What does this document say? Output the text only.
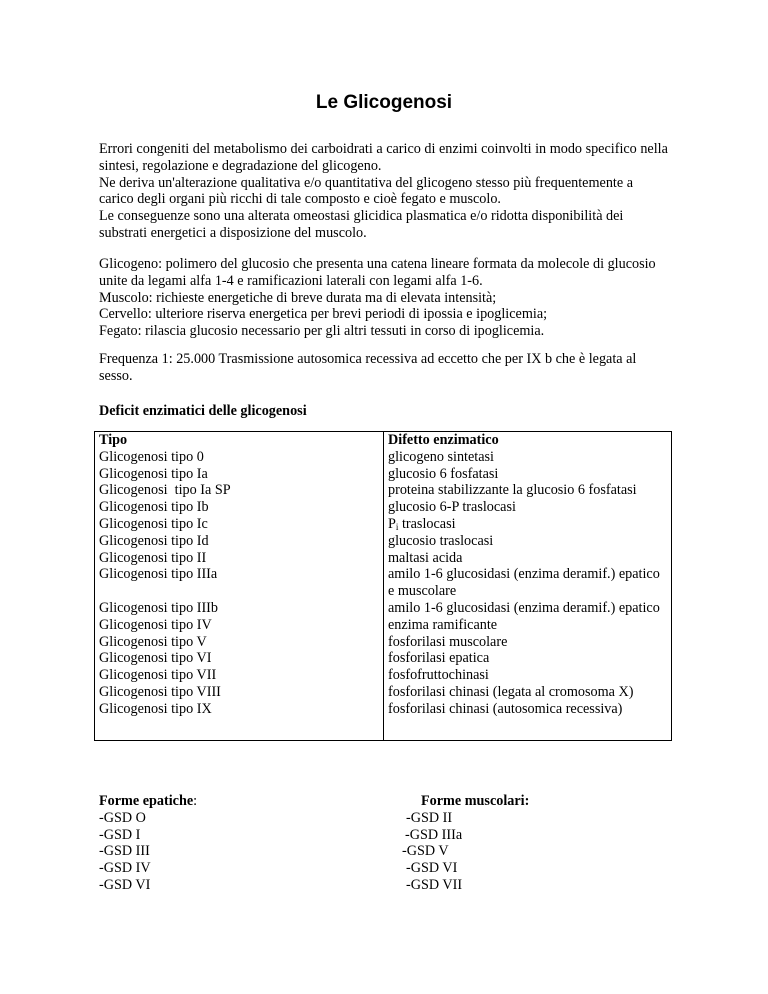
Le Glicogenosi
Errori congeniti del metabolismo dei carboidrati a carico di enzimi coinvolti in modo specifico nella
sintesi, regolazione e degradazione del glicogeno.
Ne deriva un'alterazione qualitativa e/o quantitativa del glicogeno stesso più frequentemente a
carico degli organi più ricchi di tale composto e cioè fegato e muscolo.
Le conseguenze sono una alterata omeostasi glicidica plasmatica e/o ridotta disponibilità dei
substrati energetici a disposizione del muscolo.
Glicogeno: polimero del glucosio che presenta una catena lineare formata da molecole di glucosio
unite da legami alfa 1-4 e ramificazioni laterali con legami alfa 1-6.
Muscolo: richieste energetiche di breve durata ma di elevata intensità;
Cervello: ulteriore riserva energetica per brevi periodi di ipossia e ipoglicemia;
Fegato: rilascia glucosio necessario per gli altri tessuti in corso di ipoglicemia.
Frequenza 1: 25.000 Trasmissione autosomica recessiva ad eccetto che per IX b che è legata al
sesso.
Deficit enzimatici delle glicogenosi
Tipo
Glicogenosi tipo 0
Glicogenosi tipo Ia
Glicogenosi  tipo Ia SP
Glicogenosi tipo Ib
Glicogenosi tipo Ic
Glicogenosi tipo Id
Glicogenosi tipo II
Glicogenosi tipo IIIa
Glicogenosi tipo IIIb
Glicogenosi tipo IV
Glicogenosi tipo V
Glicogenosi tipo VI
Glicogenosi tipo VII
Glicogenosi tipo VIII
Glicogenosi tipo IX
Difetto enzimatico
glicogeno sintetasi
glucosio 6 fosfatasi
proteina stabilizzante la glucosio 6 fosfatasi
glucosio 6-P traslocasi
$P_i$ traslocasi
glucosio traslocasi
maltasi acida
amilo 1-6 glucosidasi (enzima deramif.) epatico
e muscolare
amilo 1-6 glucosidasi (enzima deramif.) epatico
enzima ramificante
fosforilasi muscolare
fosforilasi epatica
fosfofruttochinasi
fosforilasi chinasi (legata al cromosoma X)
fosforilasi chinasi (autosomica recessiva)
Forme epatiche:
-GSD O
-GSD I
-GSD III
-GSD IV
-GSD VI
Forme muscolari:
-GSD II
-GSD IIIa
-GSD V
-GSD VI
-GSD VII
